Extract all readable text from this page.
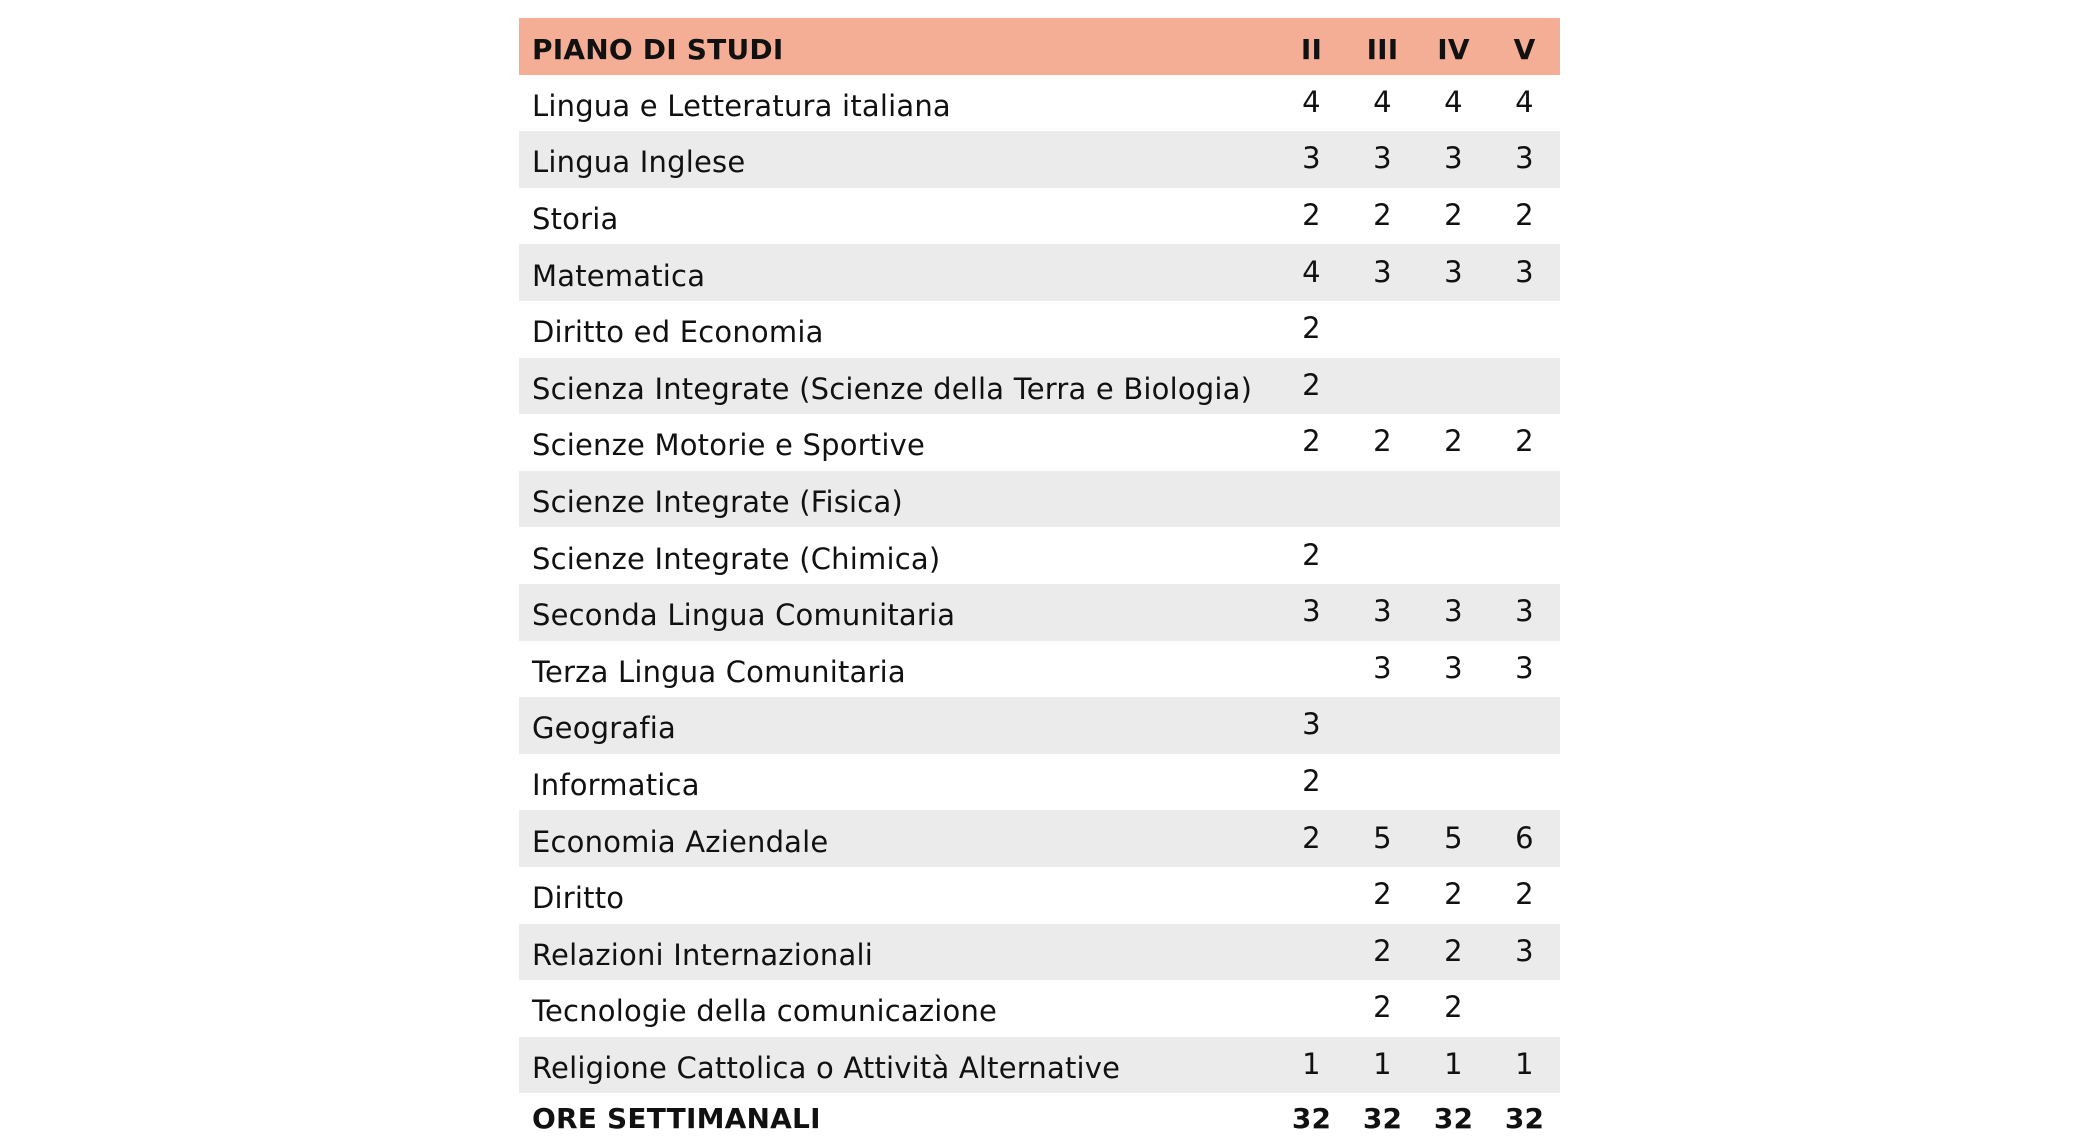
PIANO DI STUDI	II	III	IV	V
Lingua e Letteratura italiana	4	4	4	4
Lingua Inglese	3	3	3	3
Storia	2	2	2	2
Matematica	4	3	3	3
Diritto ed Economia	2			
Scienza Integrate (Scienze della Terra e Biologia)	2			
Scienze Motorie e Sportive	2	2	2	2
Scienze Integrate (Fisica)				
Scienze Integrate (Chimica)	2			
Seconda Lingua Comunitaria	3	3	3	3
Terza Lingua Comunitaria		3	3	3
Geografia	3			
Informatica	2			
Economia Aziendale	2	5	5	6
Diritto		2	2	2
Relazioni Internazionali		2	2	3
Tecnologie della comunicazione		2	2	
Religione Cattolica o Attività Alternative	1	1	1	1
ORE SETTIMANALI	32	32	32	32
